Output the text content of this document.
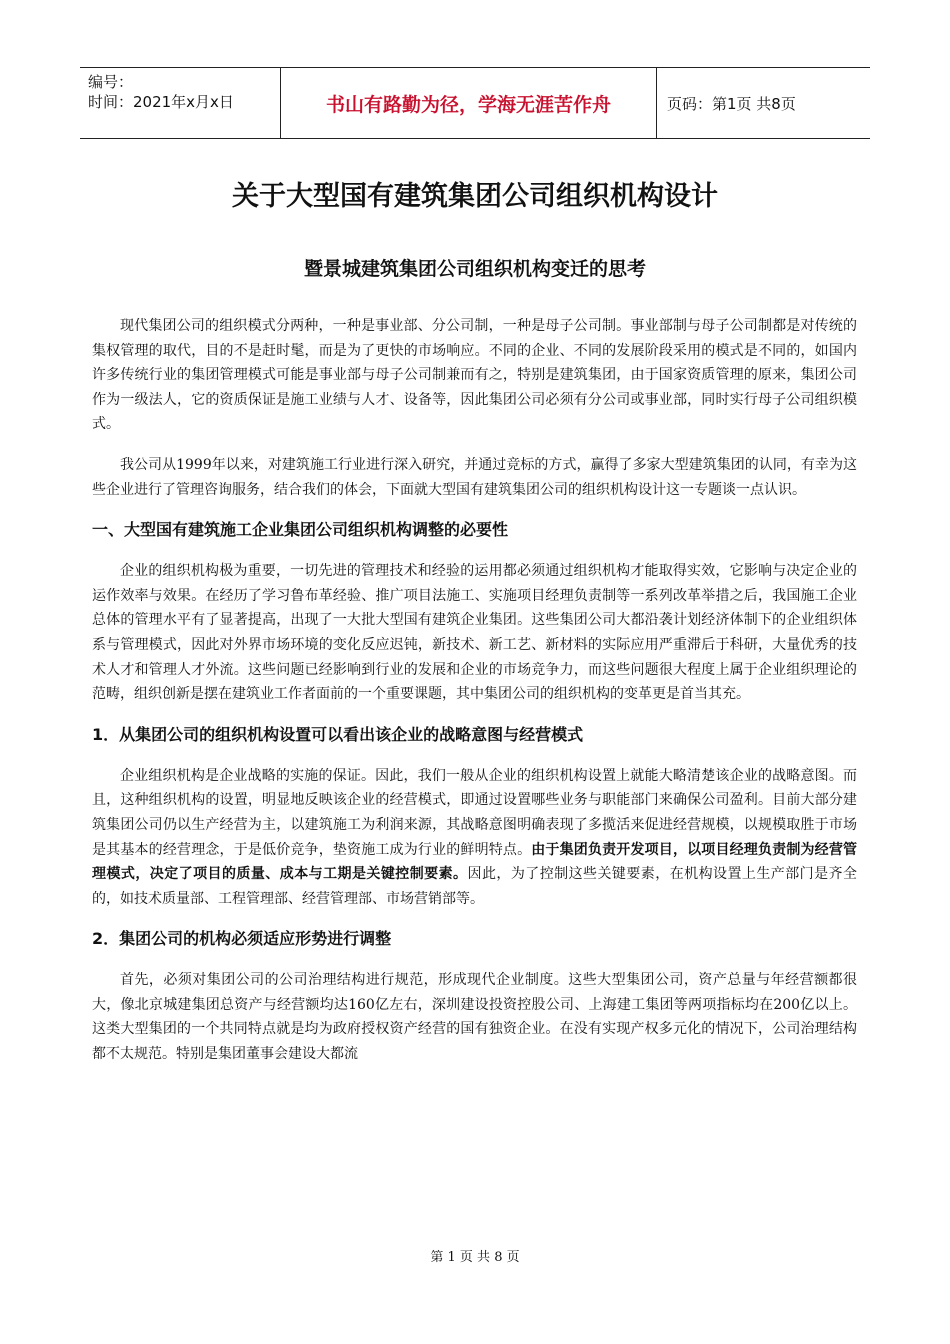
编号：
时间：2021年x月x日	书山有路勤为径，学海无涯苦作舟	页码：第1页 共8页
关于大型国有建筑集团公司组织机构设计
暨景城建筑集团公司组织机构变迁的思考

现代集团公司的组织模式分两种，一种是事业部、分公司制，一种是母子公司制。事业部制与母子公司制都是对传统的集权管理的取代，目的不是赶时髦，而是为了更快的市场响应。不同的企业、不同的发展阶段采用的模式是不同的，如国内许多传统行业的集团管理模式可能是事业部与母子公司制兼而有之，特别是建筑集团，由于国家资质管理的原来，集团公司作为一级法人，它的资质保证是施工业绩与人才、设备等，因此集团公司必须有分公司或事业部，同时实行母子公司组织模式。

我公司从1999年以来，对建筑施工行业进行深入研究，并通过竞标的方式，赢得了多家大型建筑集团的认同，有幸为这些企业进行了管理咨询服务，结合我们的体会，下面就大型国有建筑集团公司的组织机构设计这一专题谈一点认识。

一、大型国有建筑施工企业集团公司组织机构调整的必要性

企业的组织机构极为重要，一切先进的管理技术和经验的运用都必须通过组织机构才能取得实效，它影响与决定企业的运作效率与效果。在经历了学习鲁布革经验、推广项目法施工、实施项目经理负责制等一系列改革举措之后，我国施工企业总体的管理水平有了显著提高，出现了一大批大型国有建筑企业集团。这些集团公司大都沿袭计划经济体制下的企业组织体系与管理模式，因此对外界市场环境的变化反应迟钝，新技术、新工艺、新材料的实际应用严重滞后于科研，大量优秀的技术人才和管理人才外流。这些问题已经影响到行业的发展和企业的市场竞争力，而这些问题很大程度上属于企业组织理论的范畴，组织创新是摆在建筑业工作者面前的一个重要课题，其中集团公司的组织机构的变革更是首当其充。

1．从集团公司的组织机构设置可以看出该企业的战略意图与经营模式

企业组织机构是企业战略的实施的保证。因此，我们一般从企业的组织机构设置上就能大略清楚该企业的战略意图。而且，这种组织机构的设置，明显地反映该企业的经营模式，即通过设置哪些业务与职能部门来确保公司盈利。目前大部分建筑集团公司仍以生产经营为主，以建筑施工为利润来源，其战略意图明确表现了多揽活来促进经营规模，以规模取胜于市场是其基本的经营理念，于是低价竞争，垫资施工成为行业的鲜明特点。由于集团负责开发项目，以项目经理负责制为经营管理模式，决定了项目的质量、成本与工期是关键控制要素。因此，为了控制这些关键要素，在机构设置上生产部门是齐全的，如技术质量部、工程管理部、经营管理部、市场营销部等。

2．集团公司的机构必须适应形势进行调整

首先，必须对集团公司的公司治理结构进行规范，形成现代企业制度。这些大型集团公司，资产总量与年经营额都很大，像北京城建集团总资产与经营额均达160亿左右，深圳建设投资控股公司、上海建工集团等两项指标均在200亿以上。这类大型集团的一个共同特点就是均为政府授权资产经营的国有独资企业。在没有实现产权多元化的情况下，公司治理结构都不太规范。特别是集团董事会建设大都流

第 1 页 共 8 页
